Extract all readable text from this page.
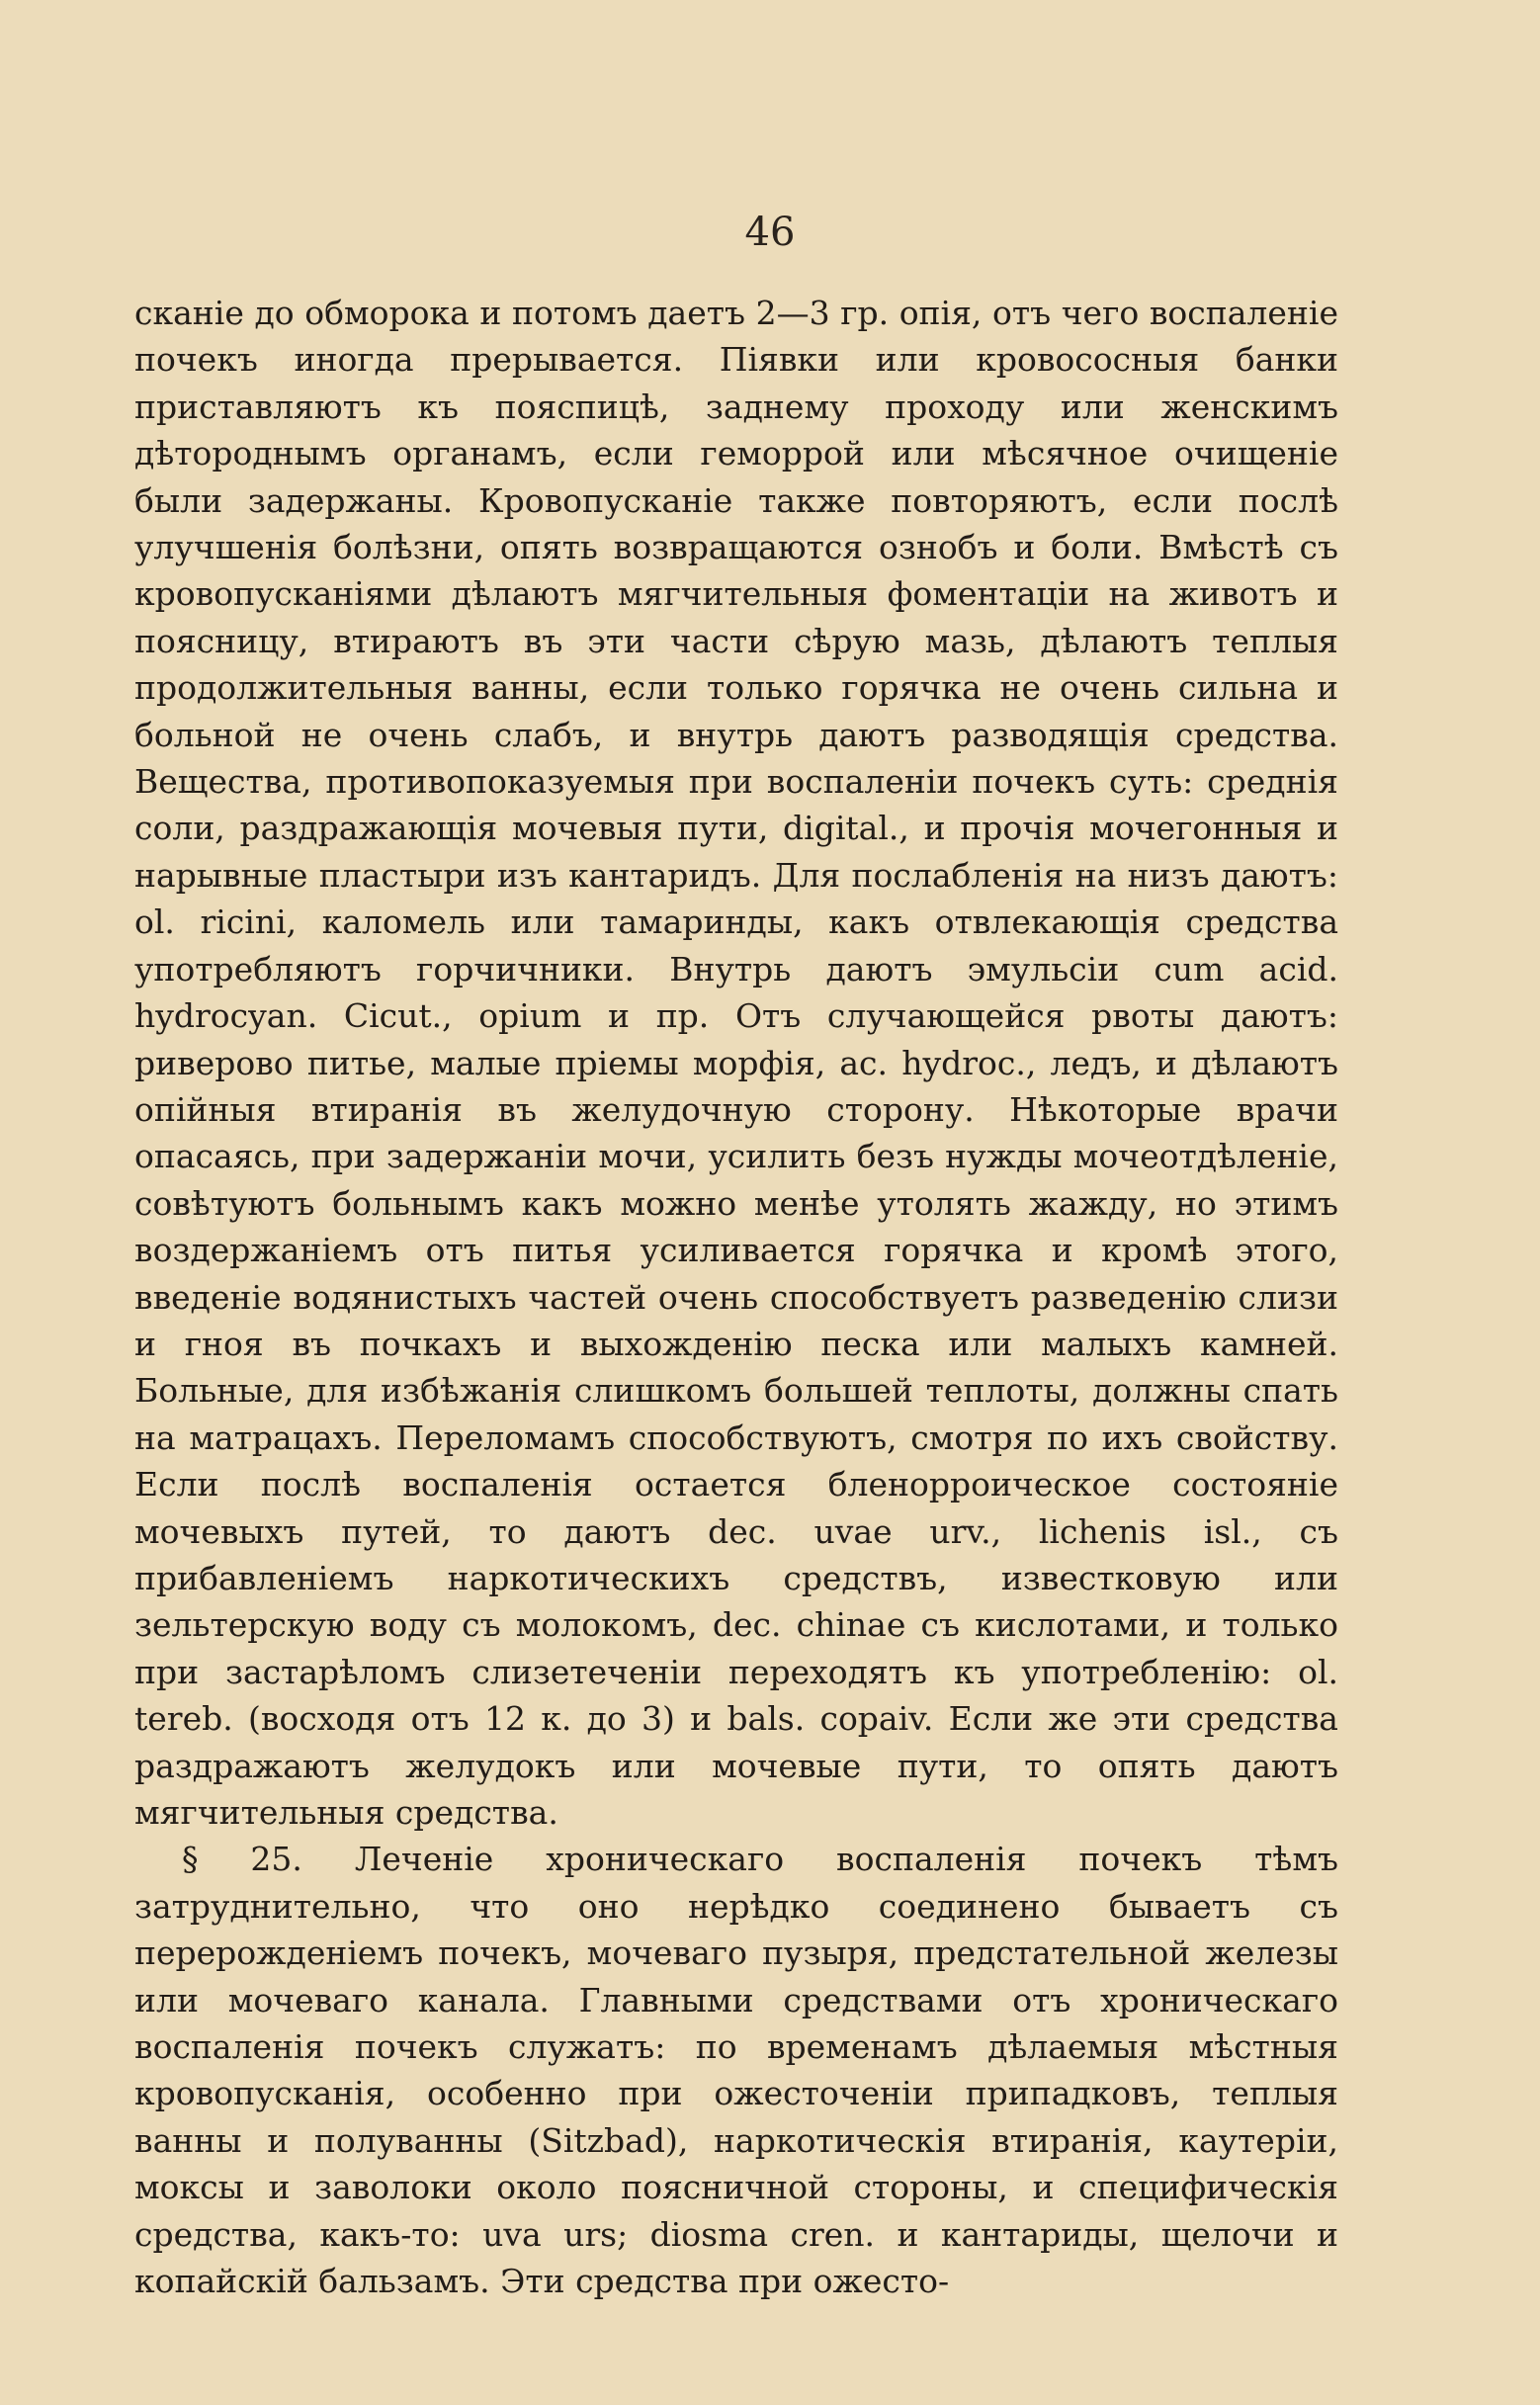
46

сканіе до обморока и потомъ даетъ 2—3 гр. опія, отъ чего воспаленіе почекъ иногда прерывается. Піявки или кровососныя банки приставляютъ къ пояспицѣ, заднему проходу или женскимъ дѣтороднымъ органамъ, если геморрой или мѣсячное очищеніе были задержаны. Кровопусканіе также повторяютъ, если послѣ улучшенія болѣзни, опять возвращаются ознобъ и боли. Вмѣстѣ съ кровопусканіями дѣлаютъ мягчительныя фоментаціи на животъ и поясницу, втираютъ въ эти части сѣрую мазь, дѣлаютъ теплыя продолжительныя ванны, если только горячка не очень сильна и больной не очень слабъ, и внутрь даютъ разводящія средства. Вещества, противопоказуемыя при воспаленіи почекъ суть: среднія соли, раздражающія мочевыя пути, digital., и прочія мочегонныя и нарывные пластыри изъ кантаридъ. Для послабленія на низъ даютъ: ol. ricini, каломель или тамаринды, какъ отвлекающія средства употребляютъ горчичники. Внутрь даютъ эмульсіи cum acid. hydrocyan. Cicut., opium и пр. Отъ случающейся рвоты даютъ: риверово питье, малые пріемы морфія, ac. hydroc., ледъ, и дѣлаютъ опійныя втиранія въ желудочную сторону. Нѣкоторые врачи опасаясь, при задержаніи мочи, усилить безъ нужды мочеотдѣленіе, совѣтуютъ больнымъ какъ можно менѣе утолять жажду, но этимъ воздержаніемъ отъ питья усиливается горячка и кромѣ этого, введеніе водянистыхъ частей очень способствуетъ разведенію слизи и гноя въ почкахъ и выхожденію песка или малыхъ камней. Больные, для избѣжанія слишкомъ большей теплоты, должны спать на матрацахъ. Переломамъ способствуютъ, смотря по ихъ свойству. Если послѣ воспаленія остается бленорроическое состояніе мочевыхъ путей, то даютъ dec. uvae urv., lichenis isl., съ прибавленіемъ наркотическихъ средствъ, известковую или зельтерскую воду съ молокомъ, dec. chinae съ кислотами, и только при застарѣломъ слизетеченіи переходятъ къ употребленію: ol. tereb. (восходя отъ 12 к. до 3) и bals. copaiv. Если же эти средства раздражаютъ желудокъ или мочевые пути, то опять даютъ мягчительныя средства.

§ 25. Леченіе хроническаго воспаленія почекъ тѣмъ затруднительно, что оно нерѣдко соединено бываетъ съ перерожденіемъ почекъ, мочеваго пузыря, предстательной железы или мочеваго канала. Главными средствами отъ хроническаго воспаленія почекъ служатъ: по временамъ дѣлаемыя мѣстныя кровопусканія, особенно при ожесточеніи припадковъ, теплыя ванны и полуванны (Sitzbad), наркотическія втиранія, каутеріи, моксы и заволоки около поясничной стороны, и специфическія средства, какъ-то: uva urs; diosma cren. и кантариды, щелочи и копайскій бальзамъ. Эти средства при ожесто-
